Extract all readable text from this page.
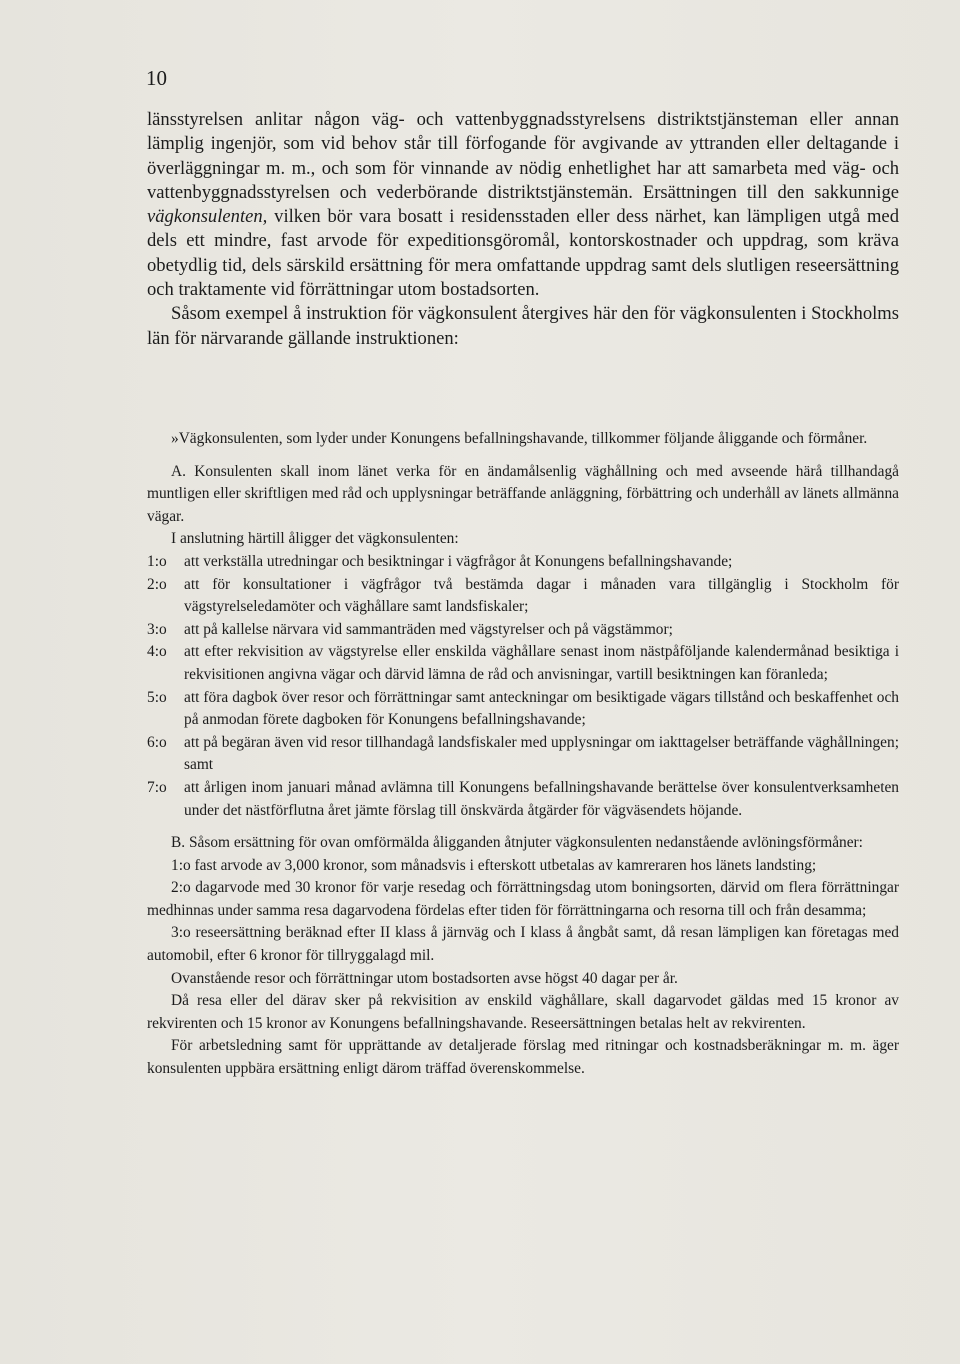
10

länsstyrelsen anlitar någon väg- och vattenbyggnadsstyrelsens distriktstjänsteman eller annan lämplig ingenjör, som vid behov står till förfogande för avgivande av yttranden eller deltagande i överläggningar m. m., och som för vinnande av nödig enhetlighet har att samarbeta med väg- och vattenbyggnadsstyrelsen och vederbörande distriktstjänstemän. Ersättningen till den sakkunnige vägkonsulenten, vilken bör vara bosatt i residensstaden eller dess närhet, kan lämpligen utgå med dels ett mindre, fast arvode för expeditionsgöromål, kontorskostnader och uppdrag, som kräva obetydlig tid, dels särskild ersättning för mera omfattande uppdrag samt dels slutligen reseersättning och traktamente vid förrättningar utom bostadsorten.

Såsom exempel å instruktion för vägkonsulent återgives här den för vägkonsulenten i Stockholms län för närvarande gällande instruktionen:

»Vägkonsulenten, som lyder under Konungens befallningshavande, tillkommer följande åliggande och förmåner.

A. Konsulenten skall inom länet verka för en ändamålsenlig väghållning och med avseende härå tillhandagå muntligen eller skriftligen med råd och upplysningar beträffande anläggning, förbättring och underhåll av länets allmänna vägar.

I anslutning härtill åligger det vägkonsulenten:

1:o	att verkställa utredningar och besiktningar i vägfrågor åt Konungens befallningshavande;
2:o	att för konsultationer i vägfrågor två bestämda dagar i månaden vara tillgänglig i Stockholm för vägstyrelseledamöter och väghållare samt landsfiskaler;
3:o	att på kallelse närvara vid sammanträden med vägstyrelser och på vägstämmor;
4:o	att efter rekvisition av vägstyrelse eller enskilda väghållare senast inom nästpåföljande kalendermånad besiktiga i rekvisitionen angivna vägar och därvid lämna de råd och anvisningar, vartill besiktningen kan föranleda;
5:o	att föra dagbok över resor och förrättningar samt anteckningar om besiktigade vägars tillstånd och beskaffenhet och på anmodan förete dagboken för Konungens befallningshavande;
6:o	att på begäran även vid resor tillhandagå landsfiskaler med upplysningar om iakttagelser beträffande väghållningen; samt
7:o	att årligen inom januari månad avlämna till Konungens befallningshavande berättelse över konsulentverksamheten under det nästförflutna året jämte förslag till önskvärda åtgärder för vägväsendets höjande.

B. Såsom ersättning för ovan omförmälda åligganden åtnjuter vägkonsulenten nedanstående avlöningsförmåner:

1:o fast arvode av 3,000 kronor, som månadsvis i efterskott utbetalas av kamreraren hos länets landsting;

2:o dagarvode med 30 kronor för varje resedag och förrättningsdag utom boningsorten, därvid om flera förrättningar medhinnas under samma resa dagarvodena fördelas efter tiden för förrättningarna och resorna till och från desamma;

3:o reseersättning beräknad efter II klass å järnväg och I klass å ångbåt samt, då resan lämpligen kan företagas med automobil, efter 6 kronor för tillryggalagd mil.

Ovanstående resor och förrättningar utom bostadsorten avse högst 40 dagar per år.

Då resa eller del därav sker på rekvisition av enskild väghållare, skall dagarvodet gäldas med 15 kronor av rekvirenten och 15 kronor av Konungens befallningshavande. Reseersättningen betalas helt av rekvirenten.

För arbetsledning samt för upprättande av detaljerade förslag med ritningar och kostnadsberäkningar m. m. äger konsulenten uppbära ersättning enligt därom träffad överenskommelse.
